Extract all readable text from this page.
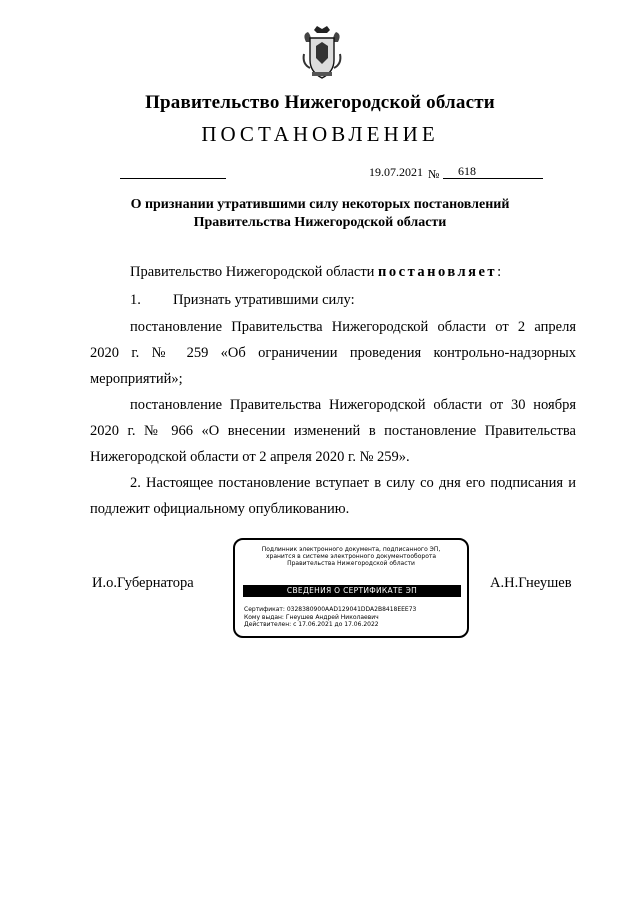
Правительство Нижегородской области
ПОСТАНОВЛЕНИЕ
19.07.2021 № 618
О признании утратившими силу некоторых постановлений
Правительства Нижегородской области
Правительство Нижегородской области постановляет:
1. Признать утратившими силу:
постановление Правительства Нижегородской области от 2 апреля
2020 г. № 259 «Об ограничении проведения контрольно-надзорных
мероприятий»;
постановление Правительства Нижегородской области от 30 ноября
2020 г. № 966 «О внесении изменений в постановление Правительства
Нижегородской области от 2 апреля 2020 г. № 259».
2. Настоящее постановление вступает в силу со дня его подписания и
подлежит официальному опубликованию.
И.о.Губернатора	А.Н.Гнеушев
Подлинник электронного документа, подписанного ЭП,
хранится в системе электронного документооборота
Правительства Нижегородской области
СВЕДЕНИЯ О СЕРТИФИКАТЕ ЭП
Сертификат: 0328380900AAD129041DDA2B8418EEE73
Кому выдан: Гнеушев Андрей Николаевич
Действителен: с 17.06.2021 до 17.06.2022
